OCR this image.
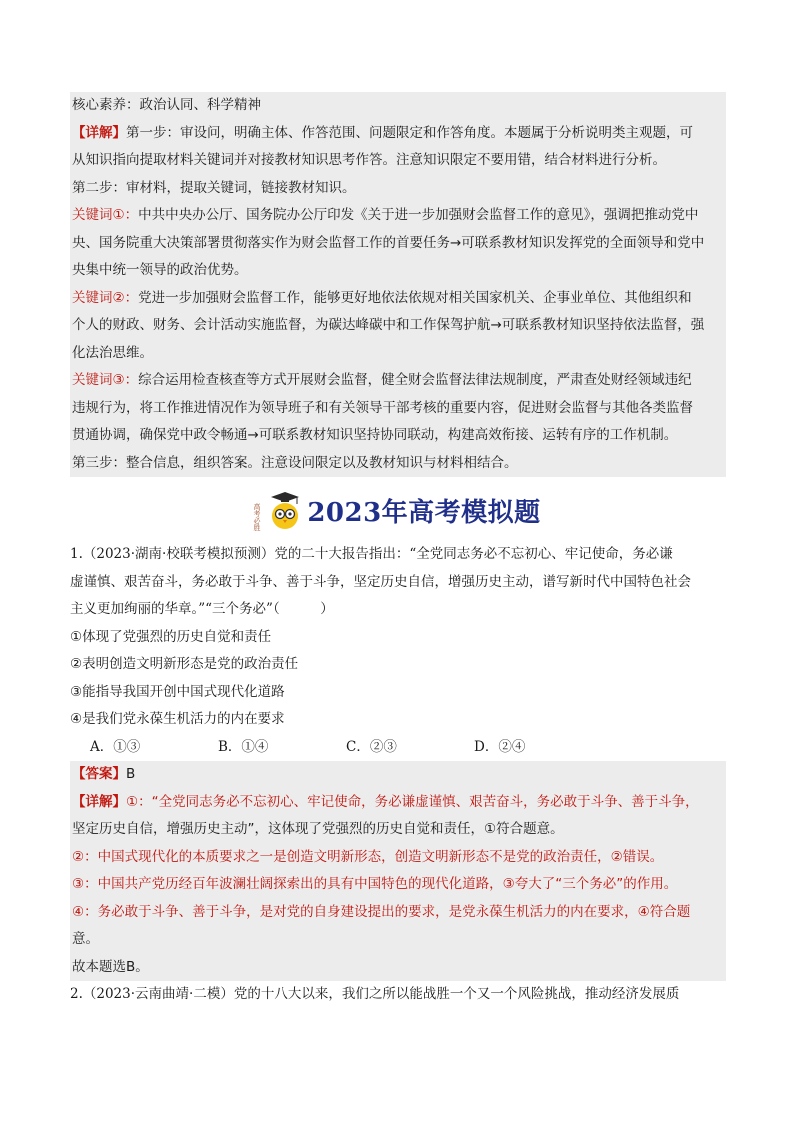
核心素养：政治认同、科学精神

【详解】第一步：审设问，明确主体、作答范围、问题限定和作答角度。本题属于分析说明类主观题，可

从知识指向提取材料关键词并对接教材知识思考作答。注意知识限定不要用错，结合材料进行分析。

第二步：审材料，提取关键词，链接教材知识。

关键词①：中共中央办公厅、国务院办公厅印发《关于进一步加强财会监督工作的意见》，强调把推动党中

央、国务院重大决策部署贯彻落实作为财会监督工作的首要任务→可联系教材知识发挥党的全面领导和党中

央集中统一领导的政治优势。

关键词②：党进一步加强财会监督工作，能够更好地依法依规对相关国家机关、企事业单位、其他组织和

个人的财政、财务、会计活动实施监督，为碳达峰碳中和工作保驾护航→可联系教材知识坚持依法监督，强

化法治思维。

关键词③：综合运用检查核查等方式开展财会监督，健全财会监督法律法规制度，严肃查处财经领域违纪

违规行为，将工作推进情况作为领导班子和有关领导干部考核的重要内容，促进财会监督与其他各类监督

贯通协调，确保党中政令畅通→可联系教材知识坚持协同联动，构建高效衔接、运转有序的工作机制。

第三步：整合信息，组织答案。注意设问限定以及教材知识与材料相结合。

高考必胜 2023年高考模拟题

1.（2023·湖南·校联考模拟预测）党的二十大报告指出：“全党同志务必不忘初心、牢记使命，务必谦

虚谨慎、艰苦奋斗，务必敢于斗争、善于斗争，坚定历史自信，增强历史主动，谱写新时代中国特色社会

主义更加绚丽的华章。”“三个务必”（　　　）

①体现了党强烈的历史自觉和责任

②表明创造文明新形态是党的政治责任

③能指导我国开创中国式现代化道路

④是我们党永葆生机活力的内在要求

A．①③	B．①④	C．②③	D．②④

【答案】B

【详解】①：“全党同志务必不忘初心、牢记使命，务必谦虚谨慎、艰苦奋斗，务必敢于斗争、善于斗争，

坚定历史自信，增强历史主动”，这体现了党强烈的历史自觉和责任，①符合题意。

②：中国式现代化的本质要求之一是创造文明新形态，创造文明新形态不是党的政治责任，②错误。

③：中国共产党历经百年波澜壮阔探索出的具有中国特色的现代化道路，③夸大了“三个务必”的作用。

④：务必敢于斗争、善于斗争，是对党的自身建设提出的要求，是党永葆生机活力的内在要求，④符合题

意。

故本题选B。

2.（2023·云南曲靖·二模）党的十八大以来，我们之所以能战胜一个又一个风险挑战，推动经济发展质
